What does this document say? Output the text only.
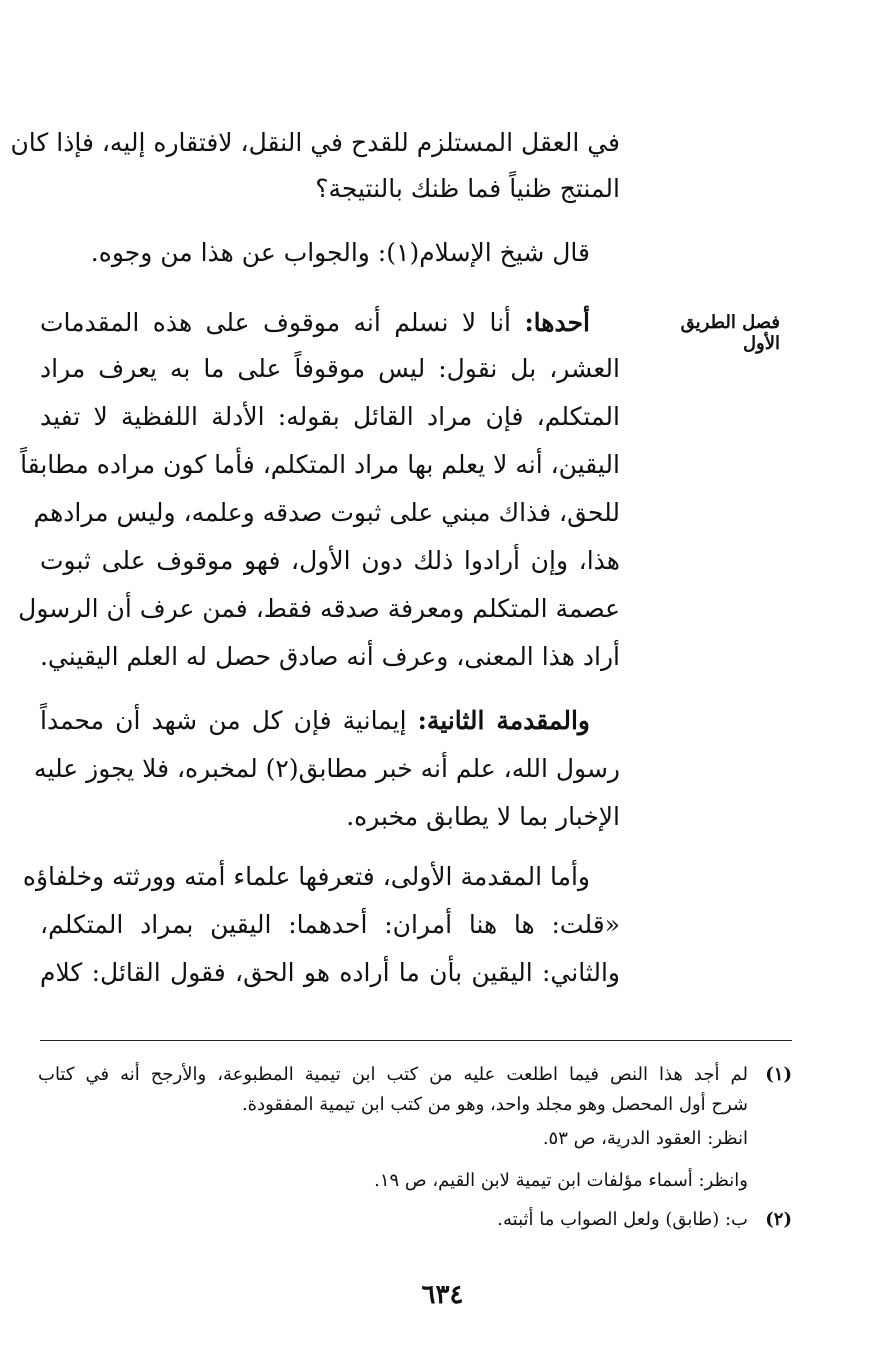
في العقل المستلزم للقدح في النقل، لافتقاره إليه، فإذا كان
المنتج ظنياً فما ظنك بالنتيجة؟
قال شيخ الإسلام(١): والجواب عن هذا من وجوه.
أحدها: أنا لا نسلم أنه موقوف على هذه المقدمات
العشر، بل نقول: ليس موقوفاً على ما به يعرف مراد
المتكلم، فإن مراد القائل بقوله: الأدلة اللفظية لا تفيد
اليقين، أنه لا يعلم بها مراد المتكلم، فأما كون مراده مطابقاً
للحق، فذاك مبني على ثبوت صدقه وعلمه، وليس مرادهم
هذا، وإن أرادوا ذلك دون الأول، فهو موقوف على ثبوت
عصمة المتكلم ومعرفة صدقه فقط، فمن عرف أن الرسول
أراد هذا المعنى، وعرف أنه صادق حصل له العلم اليقيني.
والمقدمة الثانية: إيمانية فإن كل من شهد أن محمداً
رسول الله، علم أنه خبر مطابق(٢) لمخبره، فلا يجوز عليه
الإخبار بما لا يطابق مخبره.
وأما المقدمة الأولى، فتعرفها علماء أمته وورثته وخلفاؤه
«قلت: ها هنا أمران: أحدهما: اليقين بمراد المتكلم،
والثاني: اليقين بأن ما أراده هو الحق، فقول القائل: كلام
فصل الطريق الأول
(١)
لم أجد هذا النص فيما اطلعت عليه من كتب ابن تيمية المطبوعة، والأرجح أنه في كتاب
شرح أول المحصل وهو مجلد واحد، وهو من كتب ابن تيمية المفقودة.
انظر: العقود الدرية، ص ٥٣.
وانظر: أسماء مؤلفات ابن تيمية لابن القيم، ص ١٩.
(٢)
ب: (طابق) ولعل الصواب ما أثبته.
٦٣٤
